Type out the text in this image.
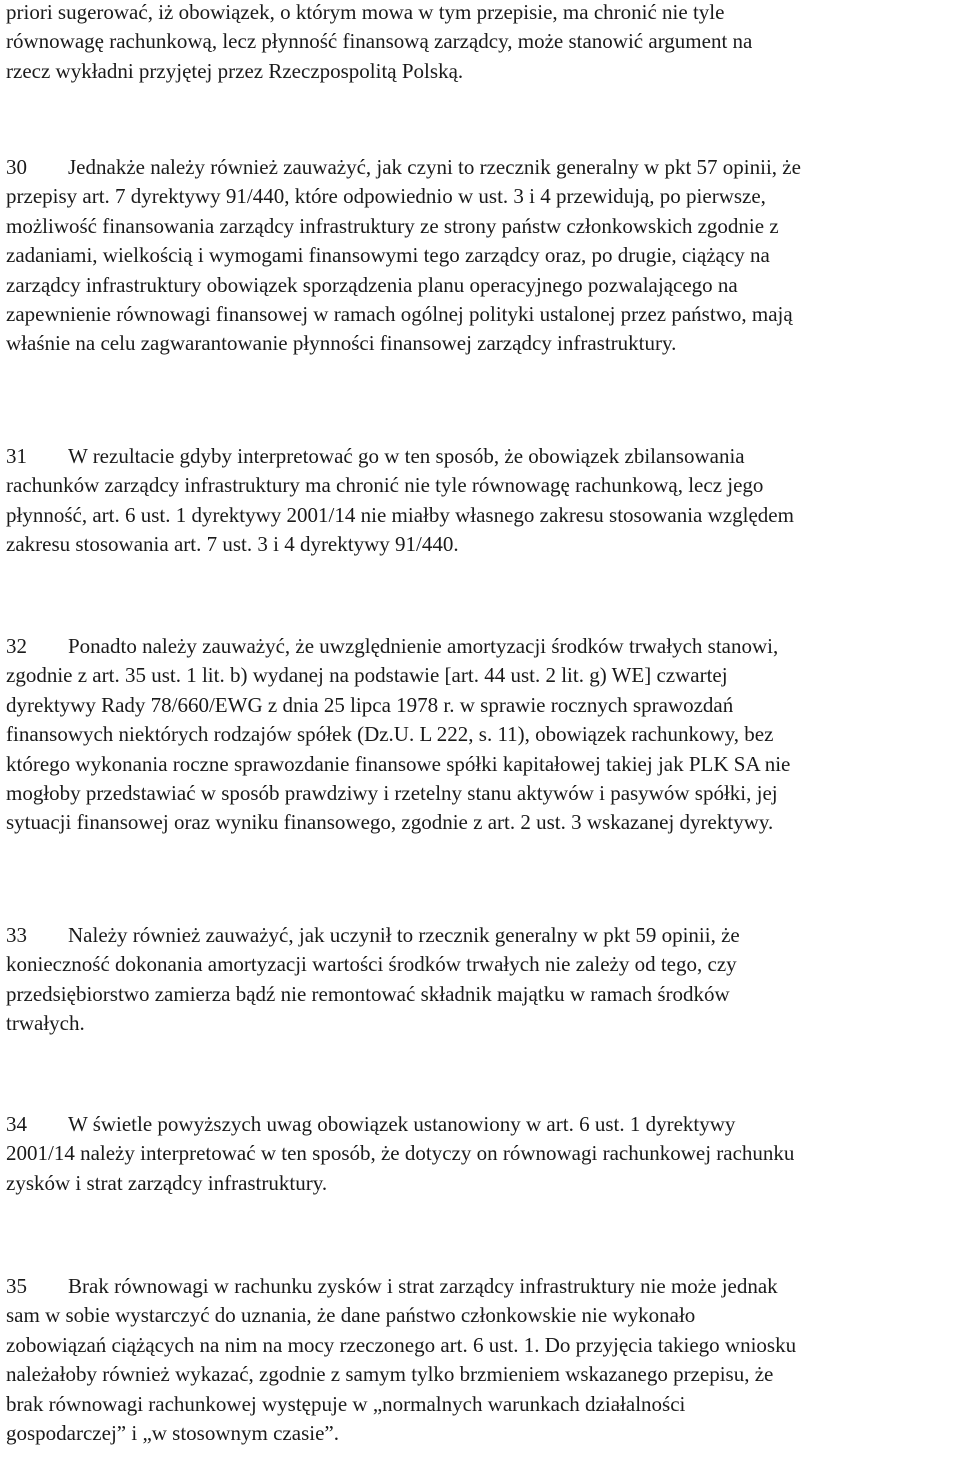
priori sugerować, iż obowiązek, o którym mowa w tym przepisie, ma chronić nie tyle
równowagę rachunkową, lecz płynność finansową zarządcy, może stanowić argument na
rzecz wykładni przyjętej przez Rzeczpospolitą Polską.
30 Jednakże należy również zauważyć, jak czyni to rzecznik generalny w pkt 57 opinii, że
przepisy art. 7 dyrektywy 91/440, które odpowiednio w ust. 3 i 4 przewidują, po pierwsze,
możliwość finansowania zarządcy infrastruktury ze strony państw członkowskich zgodnie z
zadaniami, wielkością i wymogami finansowymi tego zarządcy oraz, po drugie, ciążący na
zarządcy infrastruktury obowiązek sporządzenia planu operacyjnego pozwalającego na
zapewnienie równowagi finansowej w ramach ogólnej polityki ustalonej przez państwo, mają
właśnie na celu zagwarantowanie płynności finansowej zarządcy infrastruktury.
31 W rezultacie gdyby interpretować go w ten sposób, że obowiązek zbilansowania
rachunków zarządcy infrastruktury ma chronić nie tyle równowagę rachunkową, lecz jego
płynność, art. 6 ust. 1 dyrektywy 2001/14 nie miałby własnego zakresu stosowania względem
zakresu stosowania art. 7 ust. 3 i 4 dyrektywy 91/440.
32 Ponadto należy zauważyć, że uwzględnienie amortyzacji środków trwałych stanowi,
zgodnie z art. 35 ust. 1 lit. b) wydanej na podstawie [art. 44 ust. 2 lit. g) WE] czwartej
dyrektywy Rady 78/660/EWG z dnia 25 lipca 1978 r. w sprawie rocznych sprawozdań
finansowych niektórych rodzajów spółek (Dz.U. L 222, s. 11), obowiązek rachunkowy, bez
którego wykonania roczne sprawozdanie finansowe spółki kapitałowej takiej jak PLK SA nie
mogłoby przedstawiać w sposób prawdziwy i rzetelny stanu aktywów i pasywów spółki, jej
sytuacji finansowej oraz wyniku finansowego, zgodnie z art. 2 ust. 3 wskazanej dyrektywy.
33 Należy również zauważyć, jak uczynił to rzecznik generalny w pkt 59 opinii, że
konieczność dokonania amortyzacji wartości środków trwałych nie zależy od tego, czy
przedsiębiorstwo zamierza bądź nie remontować składnik majątku w ramach środków
trwałych.
34 W świetle powyższych uwag obowiązek ustanowiony w art. 6 ust. 1 dyrektywy
2001/14 należy interpretować w ten sposób, że dotyczy on równowagi rachunkowej rachunku
zysków i strat zarządcy infrastruktury.
35 Brak równowagi w rachunku zysków i strat zarządcy infrastruktury nie może jednak
sam w sobie wystarczyć do uznania, że dane państwo członkowskie nie wykonało
zobowiązań ciążących na nim na mocy rzeczonego art. 6 ust. 1. Do przyjęcia takiego wniosku
należałoby również wykazać, zgodnie z samym tylko brzmieniem wskazanego przepisu, że
brak równowagi rachunkowej występuje w „normalnych warunkach działalności
gospodarczej” i „w stosownym czasie”.
